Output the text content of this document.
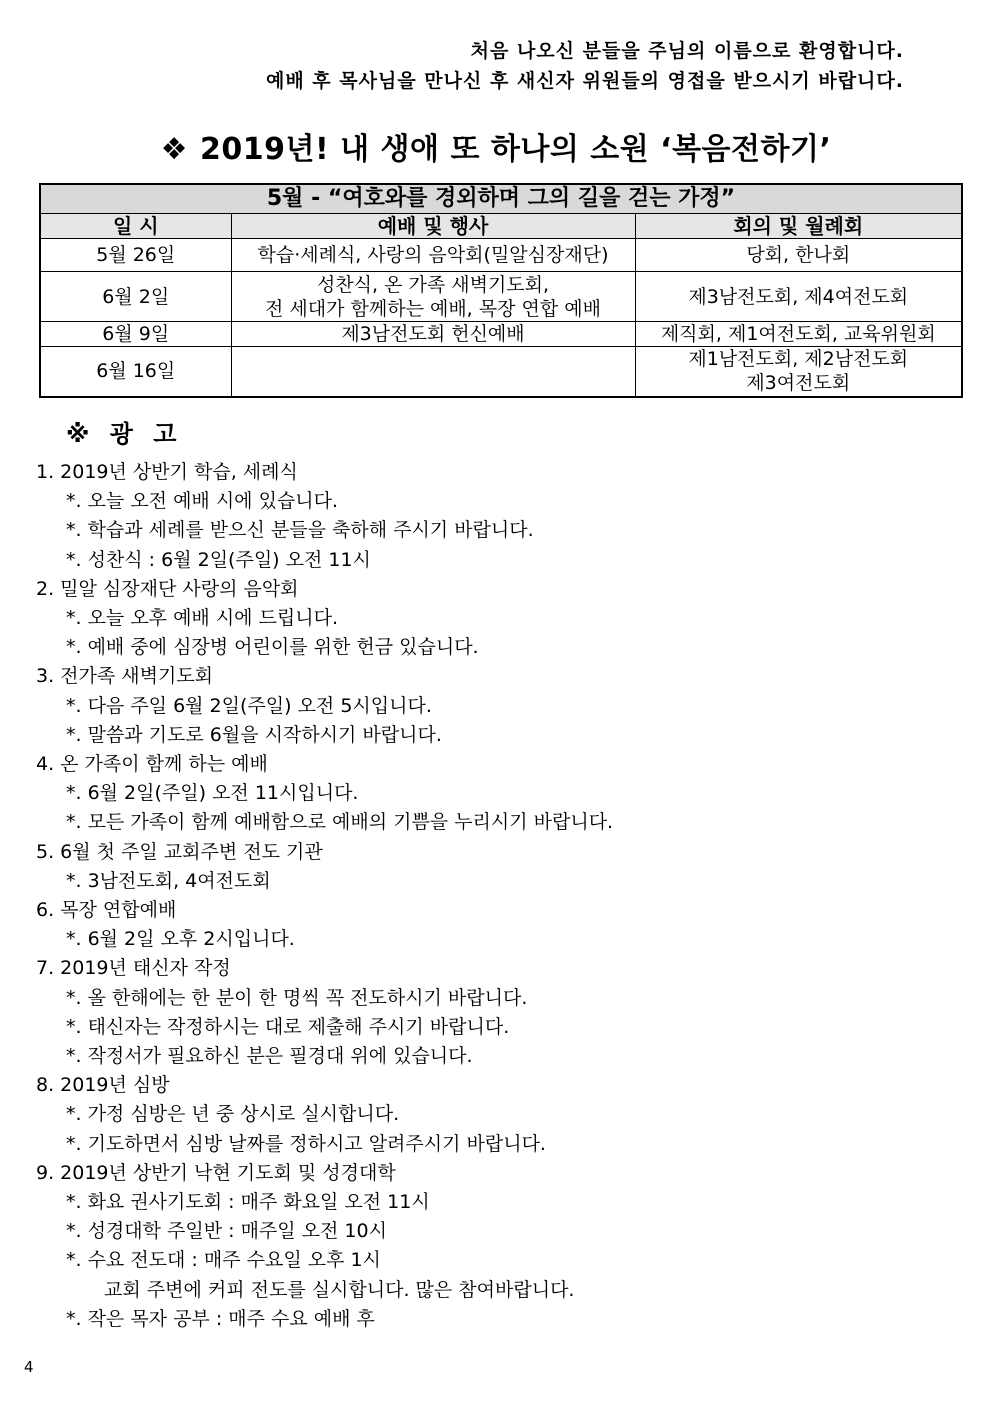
처음 나오신 분들을 주님의 이름으로 환영합니다.
예배 후 목사님을 만나신 후 새신자 위원들의 영접을 받으시기 바랍니다.
❖ 2019년! 내 생애 또 하나의 소원 ‘복음전하기’
5월 - “여호와를 경외하며 그의 길을 걷는 가정”		
일 시	예배 및 행사	회의 및 월례회
5월 26일	학습·세례식, 사랑의 음악회(밀알심장재단)	당회, 한나회

6월 2일	성찬식, 온 가족 새벽기도회,
전 세대가 함께하는 예배, 목장 연합 예배	제3남전도회, 제4여전도회

6월 9일	제3남전도회 헌신예배	제직회, 제1여전도회, 교육위원회

6월 16일		제1남전도회, 제2남전도회
제3여전도회
※ 광 고
1. 2019년 상반기 학습, 세례식
*. 오늘 오전 예배 시에 있습니다.
*. 학습과 세례를 받으신 분들을 축하해 주시기 바랍니다.
*. 성찬식 : 6월 2일(주일) 오전 11시
2. 밀알 심장재단 사랑의 음악회
*. 오늘 오후 예배 시에 드립니다.
*. 예배 중에 심장병 어린이를 위한 헌금 있습니다.
3. 전가족 새벽기도회
*. 다음 주일 6월 2일(주일) 오전 5시입니다.
*. 말씀과 기도로 6월을 시작하시기 바랍니다.
4. 온 가족이 함께 하는 예배
*. 6월 2일(주일) 오전 11시입니다.
*. 모든 가족이 함께 예배함으로 예배의 기쁨을 누리시기 바랍니다.
5. 6월 첫 주일 교회주변 전도 기관
*. 3남전도회, 4여전도회
6. 목장 연합예배
*. 6월 2일 오후 2시입니다.
7. 2019년 태신자 작정
*. 올 한해에는 한 분이 한 명씩 꼭 전도하시기 바랍니다.
*. 태신자는 작정하시는 대로 제출해 주시기 바랍니다.
*. 작정서가 필요하신 분은 필경대 위에 있습니다.
8. 2019년 심방
*. 가정 심방은 년 중 상시로 실시합니다.
*. 기도하면서 심방 날짜를 정하시고 알려주시기 바랍니다.
9. 2019년 상반기 낙현 기도회 및 성경대학
*. 화요 권사기도회 : 매주 화요일 오전 11시
*. 성경대학 주일반 : 매주일 오전 10시
*. 수요 전도대 : 매주 수요일 오후 1시
교회 주변에 커피 전도를 실시합니다. 많은 참여바랍니다.
*. 작은 목자 공부 : 매주 수요 예배 후
4
